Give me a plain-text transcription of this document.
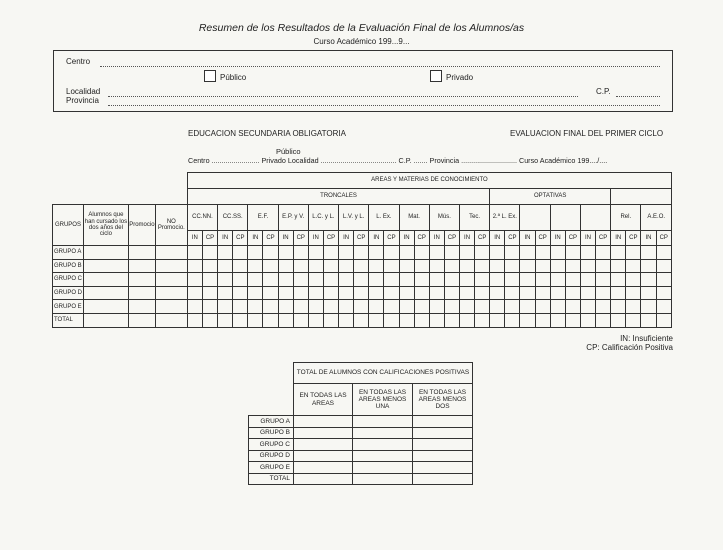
Resumen de los Resultados de la Evaluación Final de los Alumnos/as
Curso Académico 199...9...
Centro
Público	Privado
Localidad	C.P.
Provincia
EDUCACION SECUNDARIA OBLIGATORIA	EVALUACION FINAL DEL PRIMER CICLO
Público
Centro ........................ Privado Localidad ...................................... C.P. ....... Provincia ............................ Curso Académico 199..../....
				AREAS Y MATERIAS DE CONOCIMIENTO																															
				TRONCALES																				OPTATIVAS											
GRUPOS	Alumnos que han cursado los dos años del ciclo	Promocio	NO Promocio.	CC.NN.		CC.SS.		E.F.		E.P. y V.		L.C. y L.		L.V. y L.		L. Ex.		Mat.		Mús.		Tec.		2.ª L. Ex.								Rel.		A.E.O.	
				IN	CP	IN	CP	IN	CP	IN	CP	IN	CP	IN	CP	IN	CP	IN	CP	IN	CP	IN	CP	IN	CP	IN	CP	IN	CP	IN	CP	IN	CP	IN	CP
GRUPO A																																			
GRUPO B																																			
GRUPO C																																			
GRUPO D																																			
GRUPO E																																			
TOTAL																																			
IN: Insuficiente
CP: Calificación Positiva
	TOTAL DE ALUMNOS CON CALIFICACIONES POSITIVAS		
	EN TODAS LAS AREAS	EN TODAS LAS AREAS MENOS UNA	EN TODAS LAS AREAS MENOS DOS
GRUPO A			
GRUPO B			
GRUPO C			
GRUPO D			
GRUPO E			
TOTAL			
